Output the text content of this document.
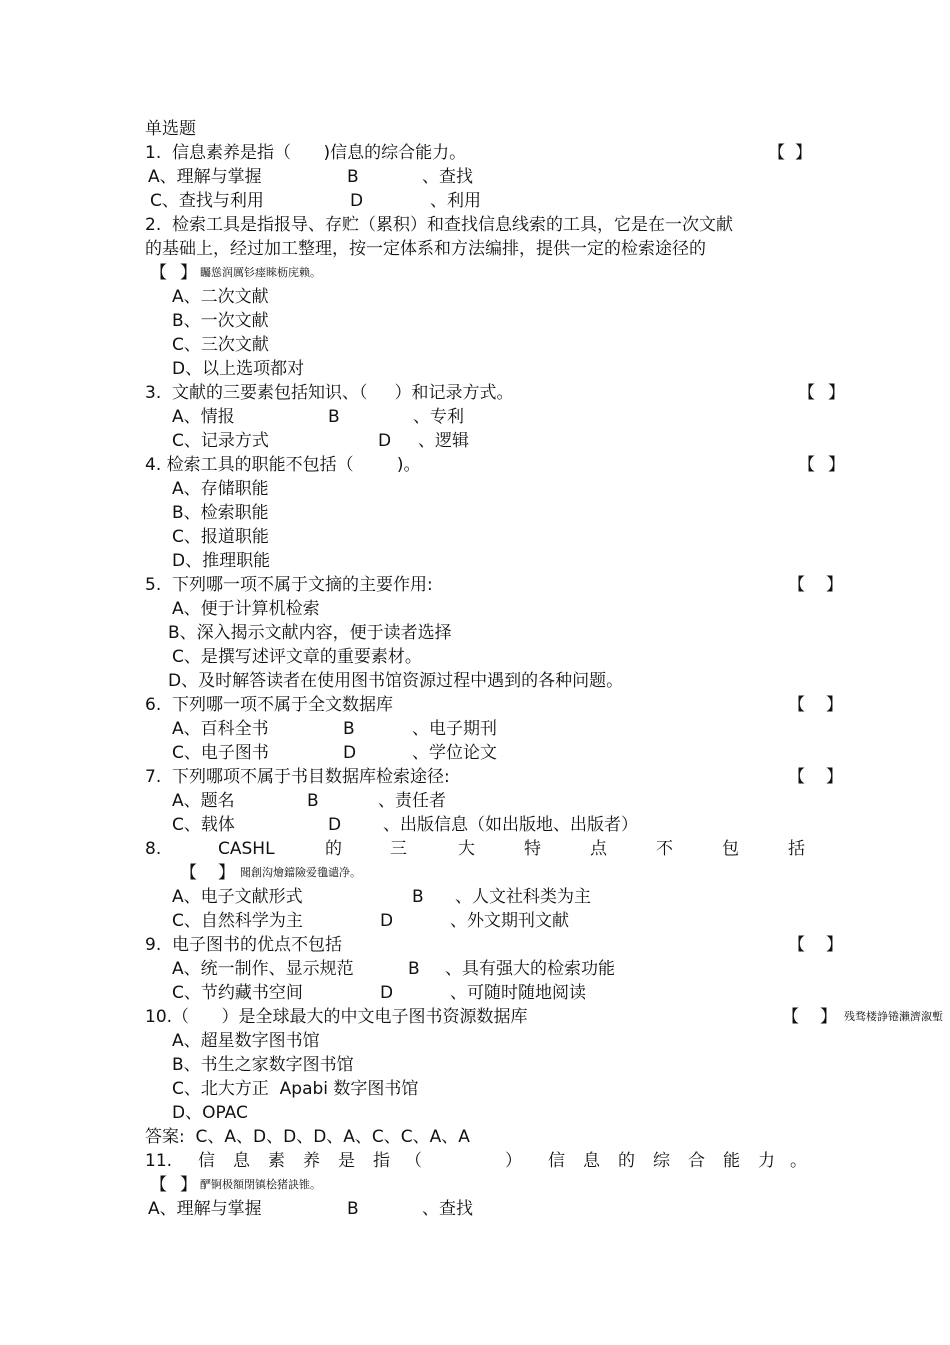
单选题
1.  信息素养是指（      )信息的综合能力。	【 】
A、理解与掌握	B	、查找
C、查找与利用	D	、利用
2.  检索工具是指报导、存贮（累积）和查找信息线索的工具，它是在一次文献
的基础上，经过加工整理，按一定体系和方法编排，提供一定的检索途径的
【 】 矚慫润厲钐瘗睞枥庑赖。
A、二次文献
B、一次文献
C、三次文献
D、以上选项都对
3.  文献的三要素包括知识、（     ）和记录方式。	【 】
A、情报	B	、专利
C、记录方式	D 、逻辑
4. 检索工具的职能不包括（        )。	【 】
A、存储职能
B、检索职能
C、报道职能
D、推理职能
5.  下列哪一项不属于文摘的主要作用:	【 】
A、便于计算机检索
B、深入揭示文献内容，便于读者选择
C、是撰写述评文章的重要素材。
D、及时解答读者在使用图书馆资源过程中遇到的各种问题。
6.  下列哪一项不属于全文数据库	【 】
A、百科全书	B	、电子期刊
C、电子图书	D	、学位论文
7.  下列哪项不属于书目数据库检索途径:	【 】
A、题名	B	、责任者
C、载体	D 、出版信息（如出版地、出版者）
8.	CASHL	的	三	大	特	点	不	包	括
【 】 聞創沟燴鐺險爱氇谴净。
A、电子文献形式	B 、人文社科类为主
C、自然科学为主	D	、外文期刊文献
9.  电子图书的优点不包括	【 】
A、统一制作、显示规范	B 、具有强大的检索功能
C、节约藏书空间	D	、可随时随地阅读
10.（      ）是全球最大的中文电子图书资源数据库	【 】 残骛楼諍锩瀨濟溆塹
A、超星数字图书馆
B、书生之家数字图书馆
C、北大方正  Apabi 数字图书馆
D、OPAC
答案:  C、A、D、D、D、A、C、C、A、A
11. 信 息 素 养 是 指 （	） 信 息 的 综 合 能 力 。
【 】 酽锕极額閉镇桧猪訣锥。
A、理解与掌握	B	、查找
